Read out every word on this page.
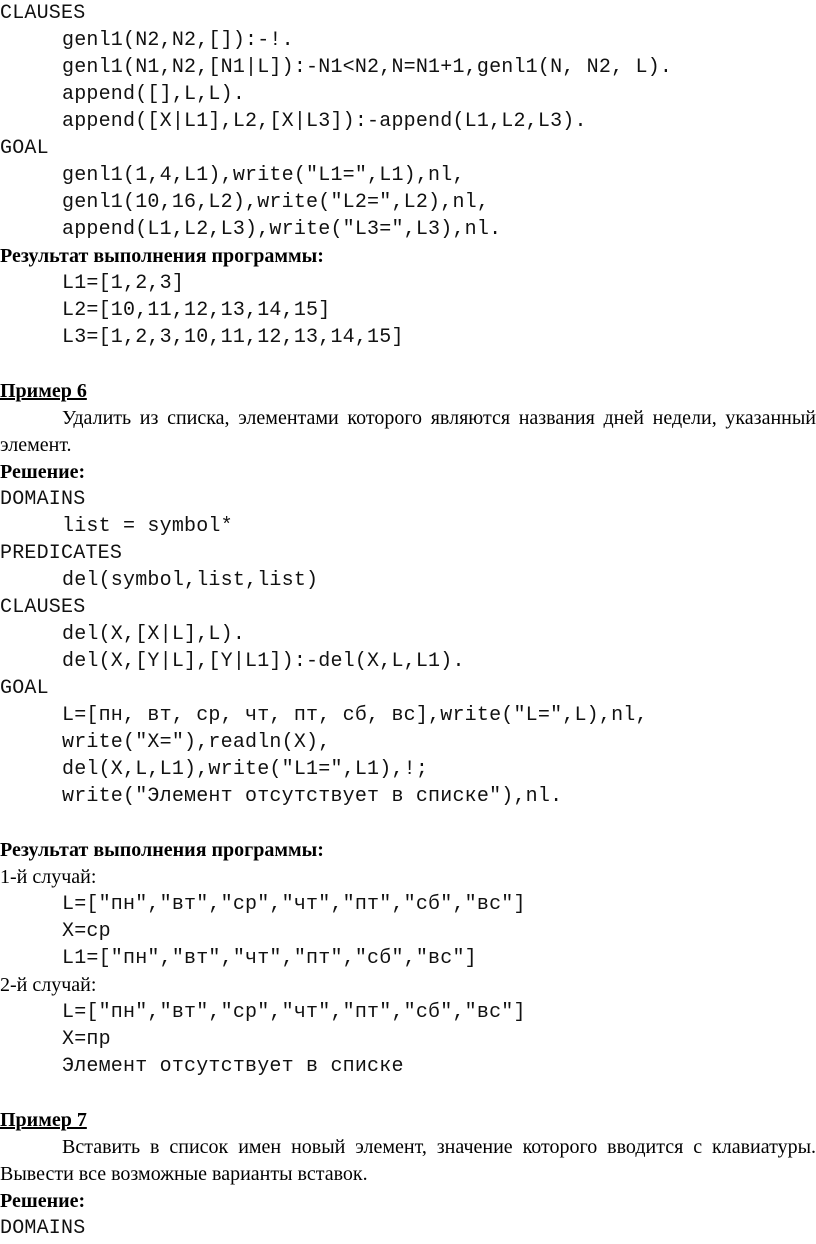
CLAUSES
genl1(N2,N2,[]):-!.
genl1(N1,N2,[N1|L]):-N1<N2,N=N1+1,genl1(N, N2, L).
append([],L,L).
append([X|L1],L2,[X|L3]):-append(L1,L2,L3).
GOAL
genl1(1,4,L1),write("L1=",L1),nl,
genl1(10,16,L2),write("L2=",L2),nl,
append(L1,L2,L3),write("L3=",L3),nl.
Результат выполнения программы:
L1=[1,2,3]
L2=[10,11,12,13,14,15]
L3=[1,2,3,10,11,12,13,14,15]
Пример 6
Удалить из списка, элементами которого являются названия дней недели, указанный элемент.
Решение:
DOMAINS
list = symbol*
PREDICATES
del(symbol,list,list)
CLAUSES
del(X,[X|L],L).
del(X,[Y|L],[Y|L1]):-del(X,L,L1).
GOAL
L=[пн, вт, ср, чт, пт, сб, вс],write("L=",L),nl,
write("X="),readln(X),
del(X,L,L1),write("L1=",L1),!;
write("Элемент отсутствует в списке"),nl.
Результат выполнения программы:
1-й случай:
L=["пн","вт","ср","чт","пт","сб","вс"]
X=ср
L1=["пн","вт","чт","пт","сб","вс"]
2-й случай:
L=["пн","вт","ср","чт","пт","сб","вс"]
X=пр
Элемент отсутствует в списке
Пример 7
Вставить в список имен новый элемент, значение которого вводится с клавиатуры. Вывести все возможные варианты вставок.
Решение:
DOMAINS
